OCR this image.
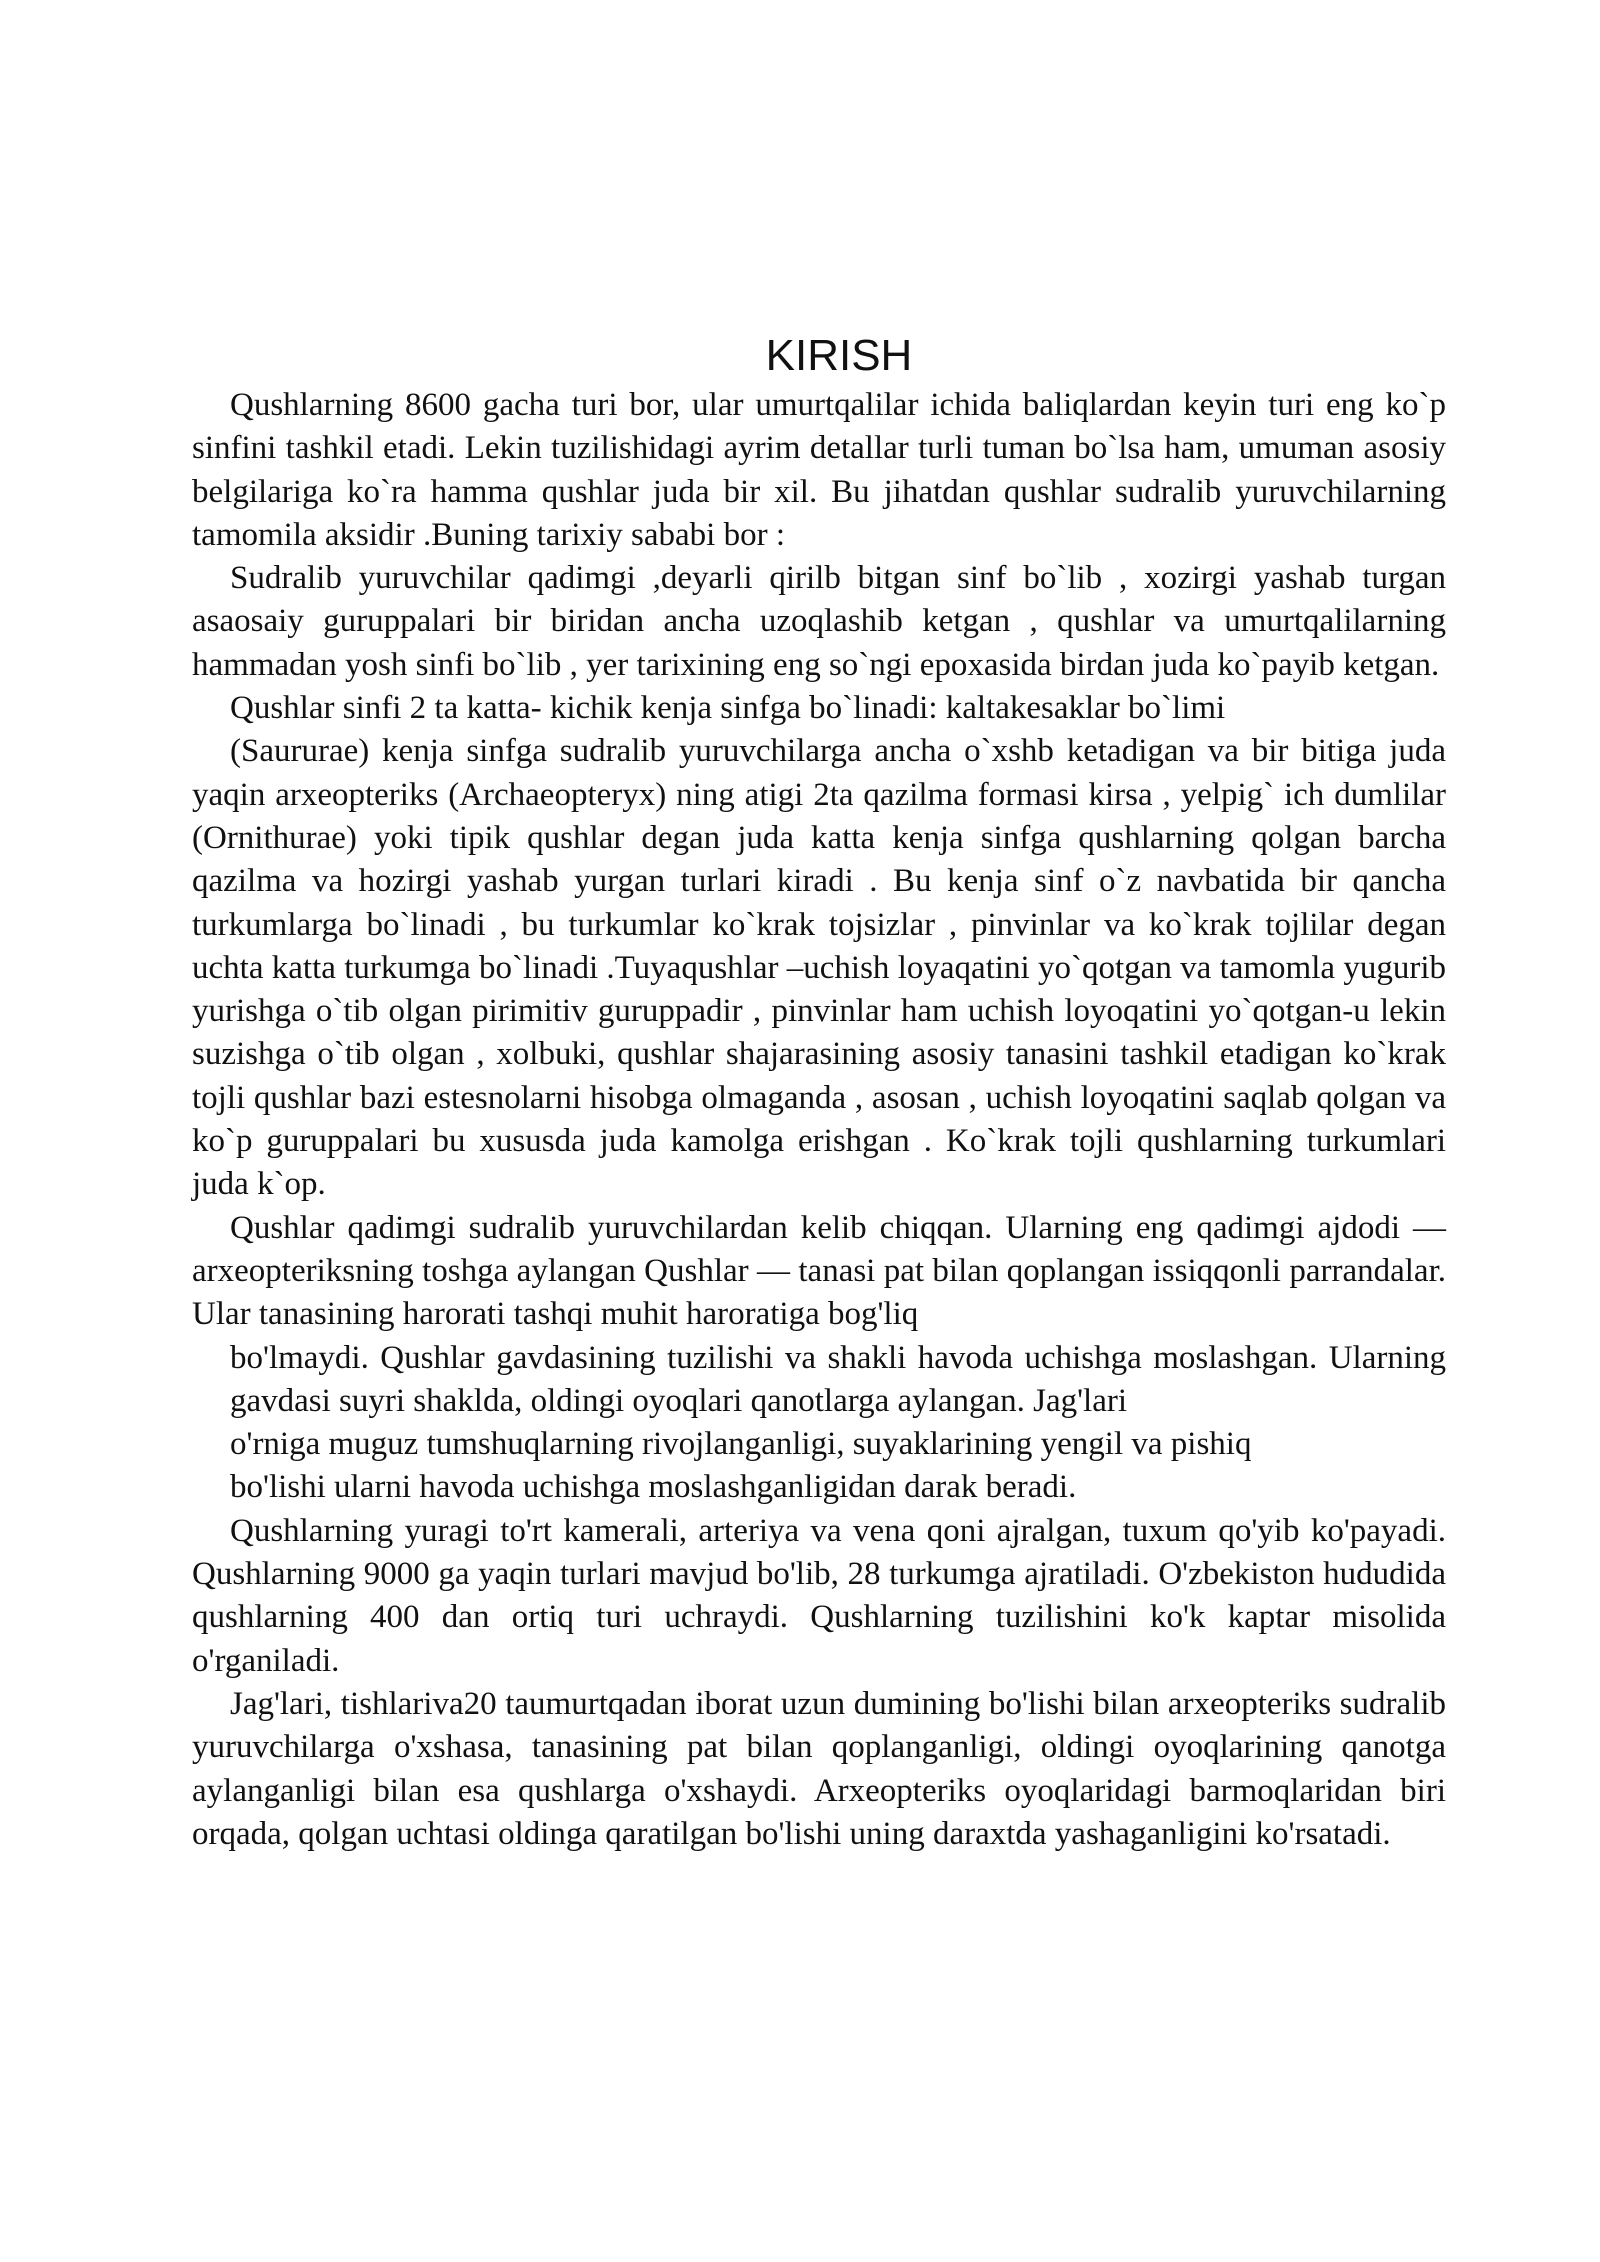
KIRISH

Qushlarning 8600 gacha turi bor, ular umurtqalilar ichida baliqlardan keyin turi eng ko`p sinfini tashkil etadi. Lekin tuzilishidagi ayrim detallar turli tuman bo`lsa ham, umuman asosiy belgilariga ko`ra hamma qushlar juda bir xil. Bu jihatdan qushlar sudralib yuruvchilarning tamomila aksidir .Buning tarixiy sababi bor :

Sudralib yuruvchilar qadimgi ,deyarli qirilb bitgan sinf bo`lib , xozirgi yashab turgan asaosaiy guruppalari bir biridan ancha uzoqlashib ketgan , qushlar va umurtqalilarning hammadan yosh sinfi bo`lib , yer tarixining eng so`ngi epoxasida birdan juda ko`payib ketgan.

Qushlar sinfi 2 ta katta- kichik kenja sinfga bo`linadi: kaltakesaklar bo`limi

(Saururae) kenja sinfga sudralib yuruvchilarga ancha o`xshb ketadigan va bir bitiga juda yaqin arxeopteriks (Archaeopteryx) ning atigi 2ta qazilma formasi kirsa , yelpig` ich dumlilar (Ornithurae) yoki tipik qushlar degan juda katta kenja sinfga qushlarning qolgan barcha qazilma va hozirgi yashab yurgan turlari kiradi . Bu kenja sinf o`z navbatida bir qancha turkumlarga bo`linadi , bu turkumlar ko`krak tojsizlar , pinvinlar va ko`krak tojlilar degan uchta katta turkumga bo`linadi .Tuyaqushlar –uchish loyaqatini yo`qotgan va tamomla yugurib yurishga o`tib olgan pirimitiv guruppadir , pinvinlar ham uchish loyoqatini yo`qotgan-u lekin suzishga o`tib olgan , xolbuki, qushlar shajarasining asosiy tanasini tashkil etadigan ko`krak tojli qushlar bazi estesnolarni hisobga olmaganda , asosan , uchish loyoqatini saqlab qolgan va ko`p guruppalari bu xususda juda kamolga erishgan . Ko`krak tojli qushlarning turkumlari juda k`op.

Qushlar qadimgi sudralib yuruvchilardan kelib chiqqan. Ularning eng qadimgi ajdodi — arxeopteriksning toshga aylangan Qushlar — tanasi pat bilan qoplangan issiqqonli parrandalar. Ular tanasining harorati tashqi muhit haroratiga bog'liq

bo'lmaydi. Qushlar gavdasining tuzilishi va shakli havoda uchishga moslashgan. Ularning gavdasi suyri shaklda, oldingi oyoqlari qanotlarga aylangan. Jag'lari

o'rniga muguz tumshuqlarning rivojlanganligi, suyaklarining yengil va pishiq

bo'lishi ularni havoda uchishga moslashganligidan darak beradi.

Qushlarning yuragi to'rt kamerali, arteriya va vena qoni ajralgan, tuxum qo'yib ko'payadi. Qushlarning 9000 ga yaqin turlari mavjud bo'lib, 28 turkumga ajratiladi. O'zbekiston hududida qushlarning 400 dan ortiq turi uchraydi. Qushlarning tuzilishini ko'k kaptar misolida o'rganiladi.

Jag'lari, tishlariva20 taumurtqadan iborat uzun dumining bo'lishi bilan arxeopteriks sudralib yuruvchilarga o'xshasa, tanasining pat bilan qoplanganligi, oldingi oyoqlarining qanotga aylanganligi bilan esa qushlarga o'xshaydi. Arxeopteriks oyoqlaridagi barmoqlaridan biri orqada, qolgan uchtasi oldinga qaratilgan bo'lishi uning daraxtda yashaganligini ko'rsatadi.
